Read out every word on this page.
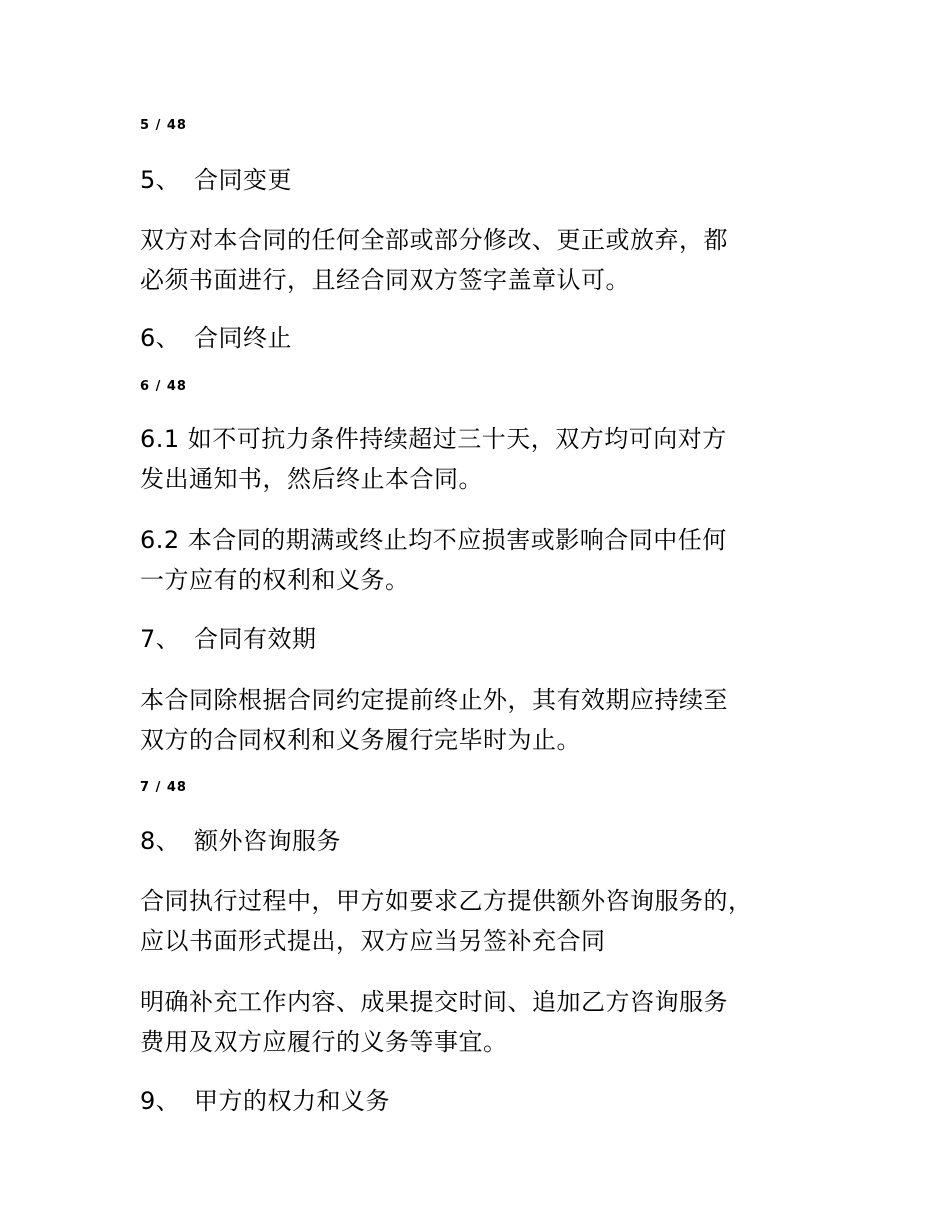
5 / 48
5、 合同变更
双方对本合同的任何全部或部分修改、更正或放弃，都
必须书面进行，且经合同双方签字盖章认可。
6、 合同终止
6 / 48
6.1 如不可抗力条件持续超过三十天，双方均可向对方
发出通知书，然后终止本合同。
6.2 本合同的期满或终止均不应损害或影响合同中任何
一方应有的权利和义务。
7、 合同有效期
本合同除根据合同约定提前终止外，其有效期应持续至
双方的合同权利和义务履行完毕时为止。
7 / 48
8、 额外咨询服务
合同执行过程中，甲方如要求乙方提供额外咨询服务的，
应以书面形式提出，双方应当另签补充合同
明确补充工作内容、成果提交时间、追加乙方咨询服务
费用及双方应履行的义务等事宜。
9、 甲方的权力和义务
